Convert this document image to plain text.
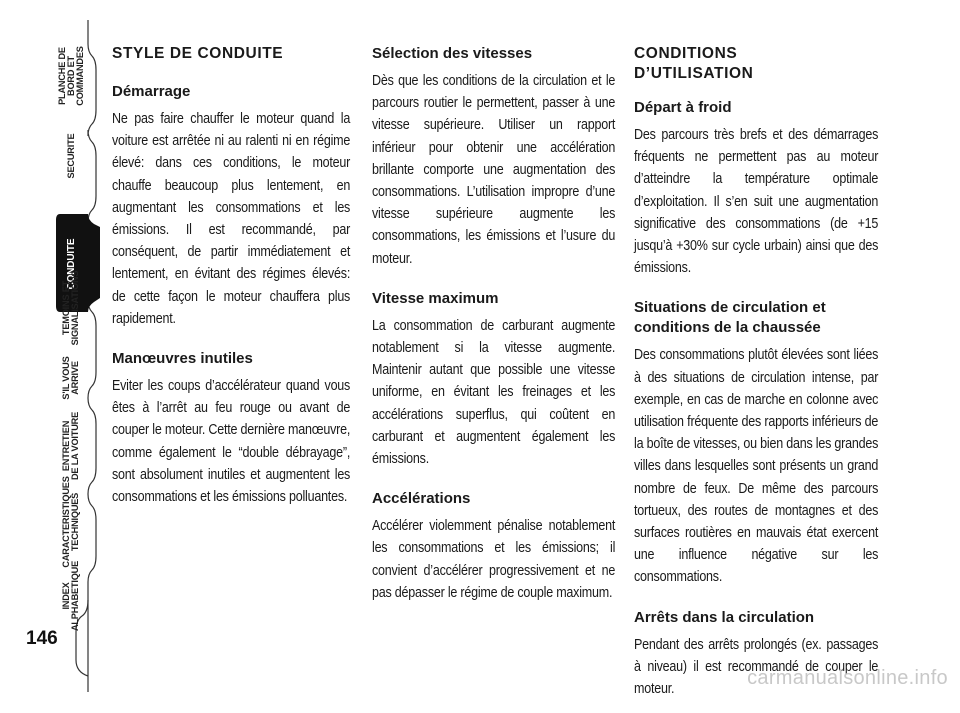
PLANCHE DE
BORD ET
COMMANDES
SECURITE
CONDUITE
TEMOINS ET
SIGNALISATIONS
S'IL VOUS
ARRIVE
ENTRETIEN
DE LA VOITURE
CARACTERISTIQUES
TECHNIQUES
INDEX
ALPHABETIQUE
146
STYLE DE CONDUITE
Démarrage
Ne pas faire chauffer le moteur quand la voiture est arrêtée ni au ralenti ni en régime élevé: dans ces conditions, le moteur chauffe beaucoup plus lentement, en augmentant les consommations et les émissions. Il est recommandé, par conséquent, de partir immédiatement et lentement, en évitant des régimes élevés: de cette façon le moteur chauffera plus rapidement.
Manœuvres inutiles
Eviter les coups d’accélérateur quand vous êtes à l’arrêt au feu rouge ou avant de couper le moteur. Cette dernière manœuvre, comme également le “double débrayage”, sont absolument inutiles et augmentent les consommations et les émissions polluantes.
Sélection des vitesses
Dès que les conditions de la circulation et le parcours routier le permettent, passer à une vitesse supérieure. Utiliser un rapport inférieur pour obtenir une accélération brillante comporte une augmentation des consommations. L’utilisation impropre d’une vitesse supérieure augmente les consommations, les émissions et l’usure du moteur.
Vitesse maximum
La consommation de carburant augmente notablement si la vitesse augmente. Maintenir autant que possible une vitesse uniforme, en évitant les freinages et les accélérations superflus, qui coûtent en carburant et augmentent également les émissions.
Accélérations
Accélérer violemment pénalise notablement les consommations et les émissions; il convient d’accélérer progressivement et ne pas dépasser le régime de couple maximum.
CONDITIONS
D’UTILISATION
Départ à froid
Des parcours très brefs et des démarrages fréquents ne permettent pas au moteur d’atteindre la température optimale d’exploitation. Il s’en suit une augmentation significative des consommations (de +15 jusqu’à +30% sur cycle urbain) ainsi que des émissions.
Situations de circulation et
conditions de la chaussée
Des consommations plutôt élevées sont liées à des situations de circulation intense, par exemple, en cas de marche en colonne avec utilisation fréquente des rapports inférieurs de la boîte de vitesses, ou bien dans les grandes villes dans lesquelles sont présents un grand nombre de feux. De même des parcours tortueux, des routes de montagnes et des surfaces routières en mauvais état exercent une influence négative sur les consommations.
Arrêts dans la circulation
Pendant des arrêts prolongés (ex. passages à niveau) il est recommandé de couper le moteur.
carmanualsonline.info
